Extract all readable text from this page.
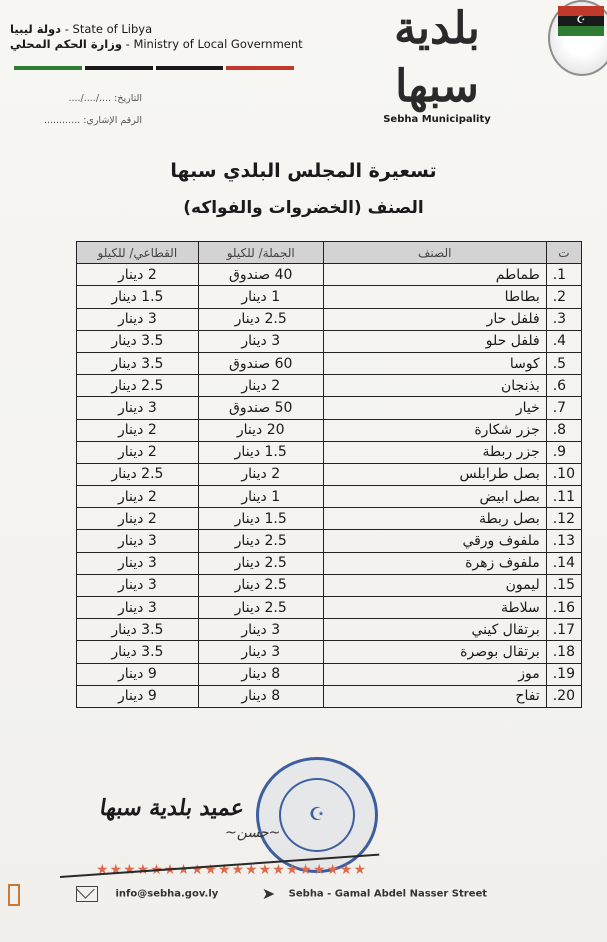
دولة ليبيا - State of Libya
وزارة الحكم المحلي - Ministry of Local Government	بلدية سبها
Sebha Municipality
☪
التاريخ: ..../..../....
الرقم الإشاري: ............
تسعيرة المجلس البلدي سبها
الصنف (الخضروات والفواكه)
ت	الصنف	الجملة/ للكيلو	القطاعي/ للكيلو
.1	طماطم	40 صندوق	2 دينار
.2	بطاطا	1 دينار	1.5 دينار
.3	فلفل حار	2.5 دينار	3 دينار
.4	فلفل حلو	3 دينار	3.5 دينار
.5	كوسا	60 صندوق	3.5 دينار
.6	بذنجان	2 دينار	2.5 دينار
.7	خيار	50 صندوق	3 دينار
.8	جزر شكارة	20 دينار	2 دينار
.9	جزر ربطة	1.5 دينار	2 دينار
.10	بصل طرابلس	2 دينار	2.5 دينار
.11	بصل ابيض	1 دينار	2 دينار
.12	بصل ربطة	1.5 دينار	2 دينار
.13	ملفوف ورقي	2.5 دينار	3 دينار
.14	ملفوف زهرة	2.5 دينار	3 دينار
.15	ليمون	2.5 دينار	3 دينار
.16	سلاطة	2.5 دينار	3 دينار
.17	برتقال كيني	3 دينار	3.5 دينار
.18	برتقال بوصرة	3 دينار	3.5 دينار
.19	موز	8 دينار	9 دينار
.20	تفاح	8 دينار	9 دينار
☪
عميد بلدية سبها
~ﺣﺴﻦ~
★★★★★★★★★★★★★★★★★★★★
info@sebha.gov.ly	➤ Sebha - Gamal Abdel Nasser Street
